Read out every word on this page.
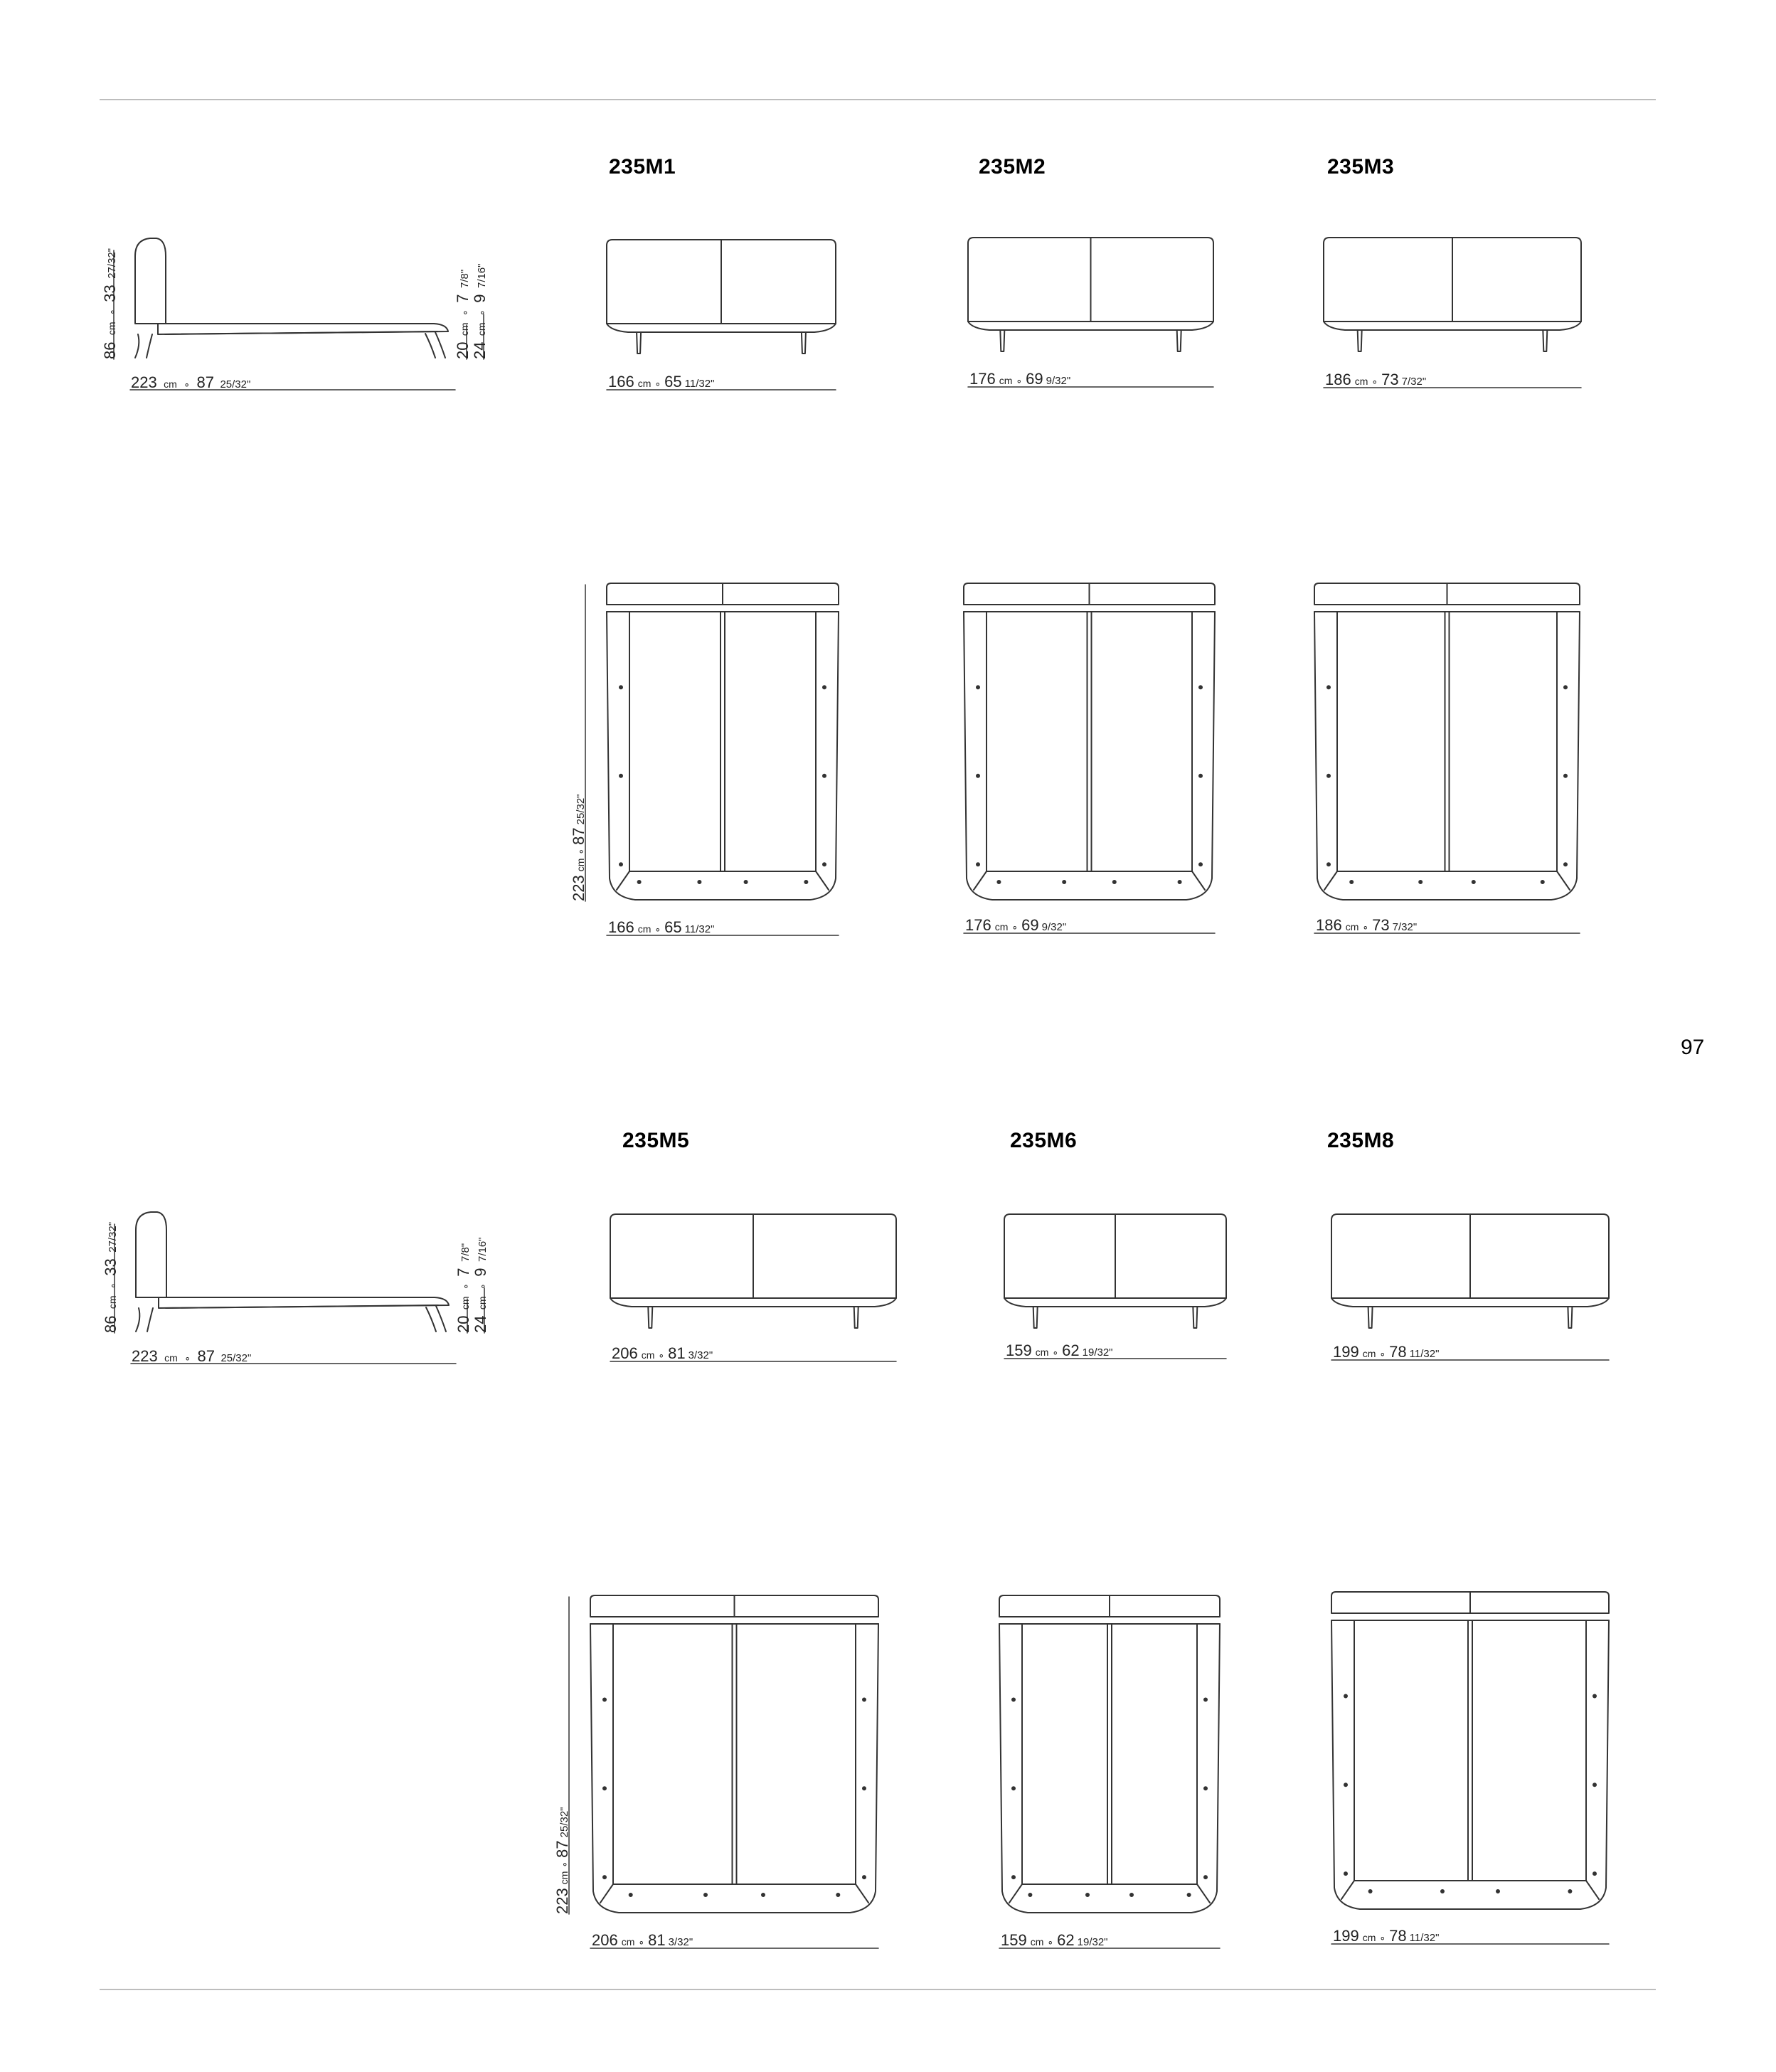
235M1	235M2	235M3
235M5	235M6	235M8
97
86 cm ∘ 33 27/32"
20 cm ∘ 7 7/8"
24 cm ∘ 9 7/16"
223 cm ∘ 87 25/32"
86 cm ∘ 33 27/32"
20 cm ∘ 7 7/8"
24 cm ∘ 9 7/16"
223 cm ∘ 87 25/32"
166 cm ∘ 65 11/32"	176 cm ∘ 69 9/32"	186 cm ∘ 73 7/32"
206 cm ∘ 81 3/32"	159 cm ∘ 62 19/32"	199 cm ∘ 78 11/32"
166 cm ∘ 65 11/32"
223cm∘8725/32"
176 cm ∘ 69 9/32"	186 cm ∘ 73 7/32"
206 cm ∘ 81 3/32"
223cm∘8725/32"
159 cm ∘ 62 19/32"	199 cm ∘ 78 11/32"
